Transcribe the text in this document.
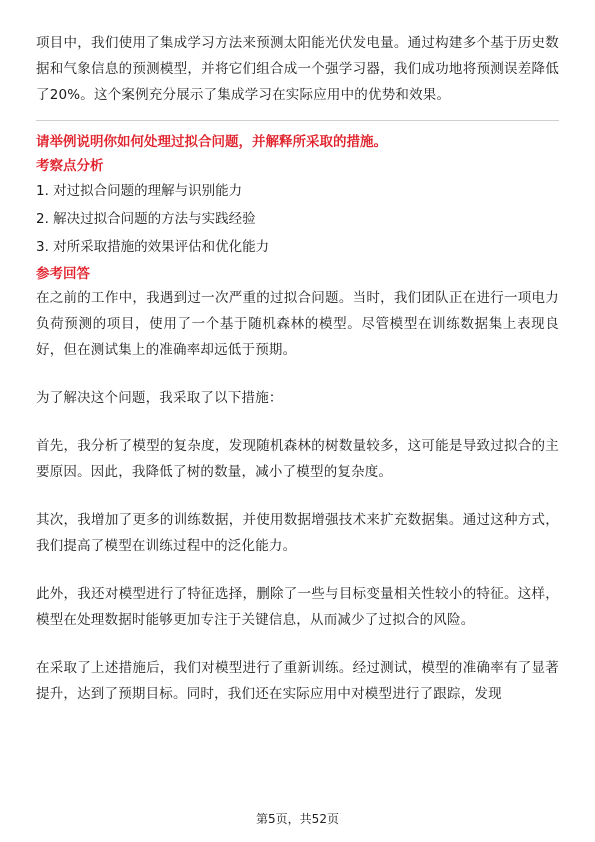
项目中，我们使用了集成学习方法来预测太阳能光伏发电量。通过构建多个基于历史数据和气象信息的预测模型，并将它们组合成一个强学习器，我们成功地将预测误差降低了20%。这个案例充分展示了集成学习在实际应用中的优势和效果。

请举例说明你如何处理过拟合问题，并解释所采取的措施。

考察点分析

1. 对过拟合问题的理解与识别能力

2. 解决过拟合问题的方法与实践经验

3. 对所采取措施的效果评估和优化能力

参考回答

在之前的工作中，我遇到过一次严重的过拟合问题。当时，我们团队正在进行一项电力负荷预测的项目，使用了一个基于随机森林的模型。尽管模型在训练数据集上表现良好，但在测试集上的准确率却远低于预期。

为了解决这个问题，我采取了以下措施：

首先，我分析了模型的复杂度，发现随机森林的树数量较多，这可能是导致过拟合的主要原因。因此，我降低了树的数量，减小了模型的复杂度。

其次，我增加了更多的训练数据，并使用数据增强技术来扩充数据集。通过这种方式，我们提高了模型在训练过程中的泛化能力。

此外，我还对模型进行了特征选择，删除了一些与目标变量相关性较小的特征。这样，模型在处理数据时能够更加专注于关键信息，从而减少了过拟合的风险。

在采取了上述措施后，我们对模型进行了重新训练。经过测试，模型的准确率有了显著提升，达到了预期目标。同时，我们还在实际应用中对模型进行了跟踪，发现

第5页，共52页
